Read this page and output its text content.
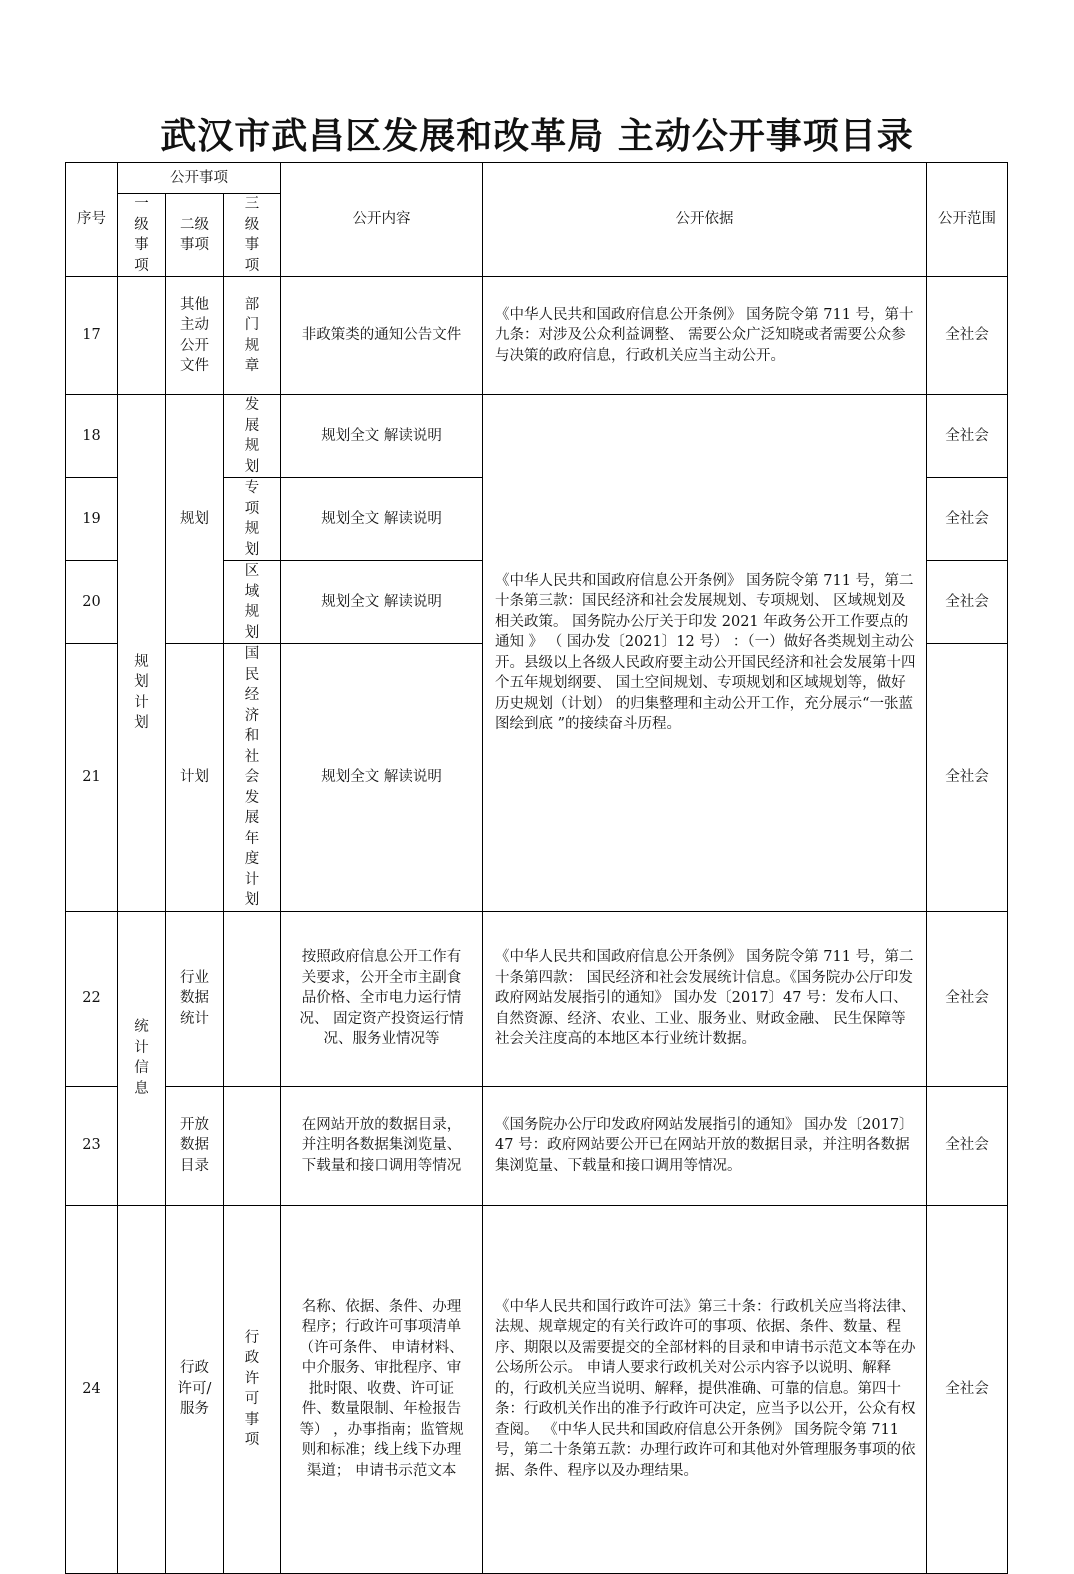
武汉市武昌区发展和改革局 主动公开事项目录
序号	公开事项			公开内容	公开依据	公开范围
	一级事项	二级事项	三级事项			
17		其他主动公开文件	部门规章	非政策类的通知公告文件	《中华人民共和国政府信息公开条例》 国务院令第 711 号，第十九条：对涉及公众利益调整、 需要公众广泛知晓或者需要公众参与决策的政府信息，行政机关应当主动公开。	全社会
18	规划计划	规划	发展规划	规划全文 解读说明	《中华人民共和国政府信息公开条例》 国务院令第 711 号，第二十条第三款：国民经济和社会发展规划、专项规划、 区域规划及相关政策。 国务院办公厅关于印发 2021 年政务公开工作要点的通知 》 （ 国办发〔2021〕12 号） ：（一）做好各类规划主动公开。县级以上各级人民政府要主动公开国民经济和社会发展第十四个五年规划纲要、 国土空间规划、专项规划和区域规划等，做好历史规划（计划） 的归集整理和主动公开工作，充分展示“一张蓝图绘到底 ”的接续奋斗历程。	全社会
19			专项规划	规划全文 解读说明		全社会
20			区域规划	规划全文 解读说明		全社会
21		计划	国民经济和社会发展年度计划	规划全文 解读说明		全社会
22	统计信息	行业数据统计		按照政府信息公开工作有关要求，公开全市主副食品价格、全市电力运行情况、 固定资产投资运行情况、服务业情况等	《中华人民共和国政府信息公开条例》 国务院令第 711 号，第二十条第四款： 国民经济和社会发展统计信息。《国务院办公厅印发政府网站发展指引的通知》 国办发〔2017〕47 号：发布人口、 自然资源、经济、农业、工业、服务业、财政金融、 民生保障等社会关注度高的本地区本行业统计数据。	全社会
23		开放数据目录		在网站开放的数据目录，并注明各数据集浏览量、下载量和接口调用等情况	《国务院办公厅印发政府网站发展指引的通知》 国办发〔2017〕47 号：政府网站要公开已在网站开放的数据目录，并注明各数据集浏览量、下载量和接口调用等情况。	全社会
24		行政许可/服务	行政许可事项	名称、依据、条件、办理程序；行政许可事项清单（许可条件、 申请材料、 中介服务、审批程序、审批时限、收费、许可证件、数量限制、年检报告等） ，办事指南；监管规则和标准；线上线下办理渠道； 申请书示范文本	《中华人民共和国行政许可法》第三十条：行政机关应当将法律、法规、规章规定的有关行政许可的事项、依据、条件、数量、程序、期限以及需要提交的全部材料的目录和申请书示范文本等在办公场所公示。 申请人要求行政机关对公示内容予以说明、解释的，行政机关应当说明、解释，提供准确、可靠的信息。第四十条：行政机关作出的准予行政许可决定，应当予以公开，公众有权查阅。 《中华人民共和国政府信息公开条例》 国务院令第 711 号，第二十条第五款：办理行政许可和其他对外管理服务事项的依据、条件、程序以及办理结果。	全社会
